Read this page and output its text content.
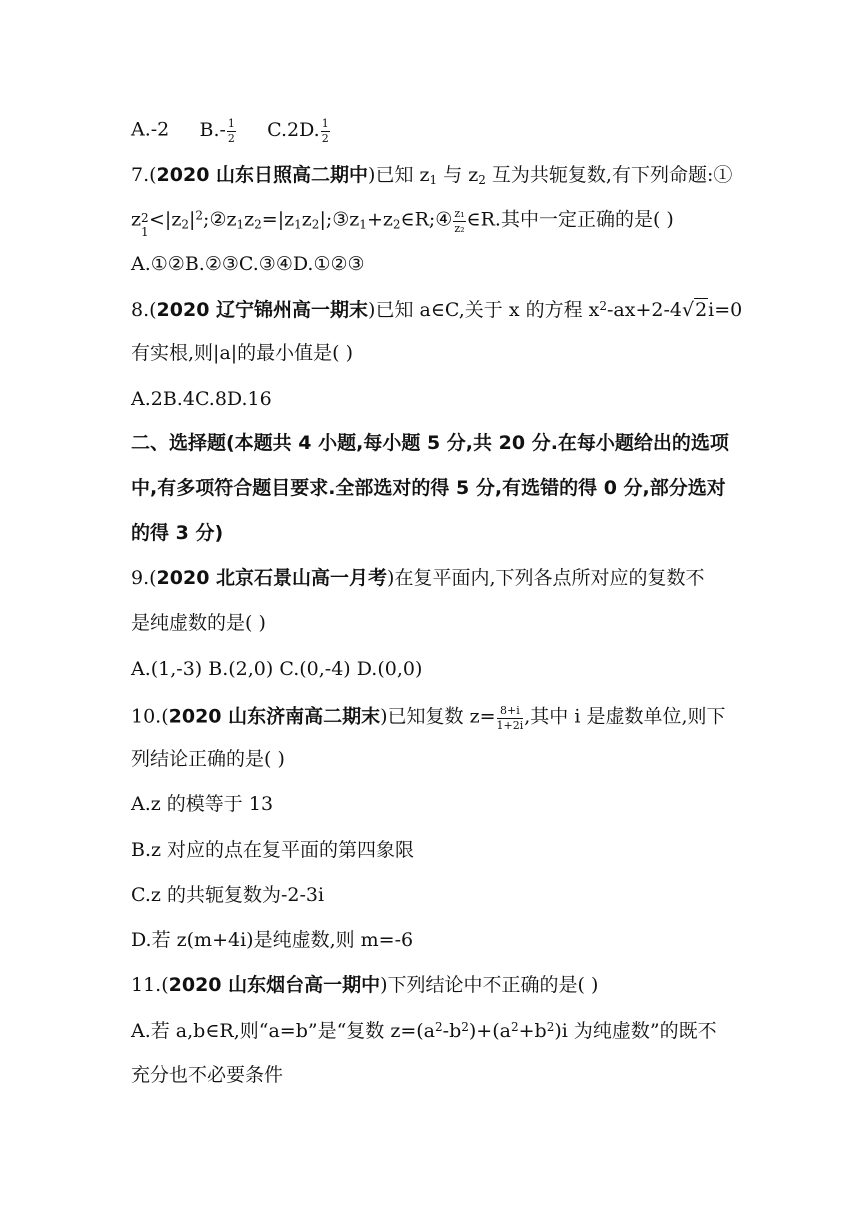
A.-2 $B.- \frac{1}{2} C.2D$. $\frac{1}{2}$
7.(2020 山东日照高二期中)已知 $z_1$ 与 $z_2$ 互为共轭复数,有下列命题:①
z 2
1
$<|z_2|^2;②z_1z_2=|z_1z_2|;③z_1+z_2\in R;④ \frac{\text{z₁}}{\text{z₂}}$ ∈R.其中一定正确的是( )
A.①②B.②③C.③④D.①②③
8.(2020 辽宁锦州高一期末)已知 a∈C,关于 x 的方程 $x^2-ax+2-4√2i=0$
有实根,则|a|的最小值是( )
A.2B.4C.8D.16
二、选择题(本题共 4 小题,每小题 5 分,共 20 分.在每小题给出的选项
中,有多项符合题目要求.全部选对的得 5 分,有选错的得 0 分,部分选对
的得 3 分)
9.(2020 北京石景山高一月考)在复平面内,下列各点所对应的复数不
是纯虚数的是( )
A.(1,-3) B.(2,0) C.(0,-4) D.(0,0)
10.(2020 山东济南高二期末)已知复数 $z= \frac{8+i}{1+2i}$ ,其中 i 是虚数单位,则下
列结论正确的是( )
A.z 的模等于 13
B.z 对应的点在复平面的第四象限
C.z 的共轭复数为-2-3i
D.若 z(m+4i)是纯虚数,则 m=-6
11.(2020 山东烟台高一期中)下列结论中不正确的是( )
A.若 a,b∈R,则“a=b”是“复数 $z=(a^2-b^2)+(a^2+b^2)i$ 为纯虚数”的既不
充分也不必要条件
